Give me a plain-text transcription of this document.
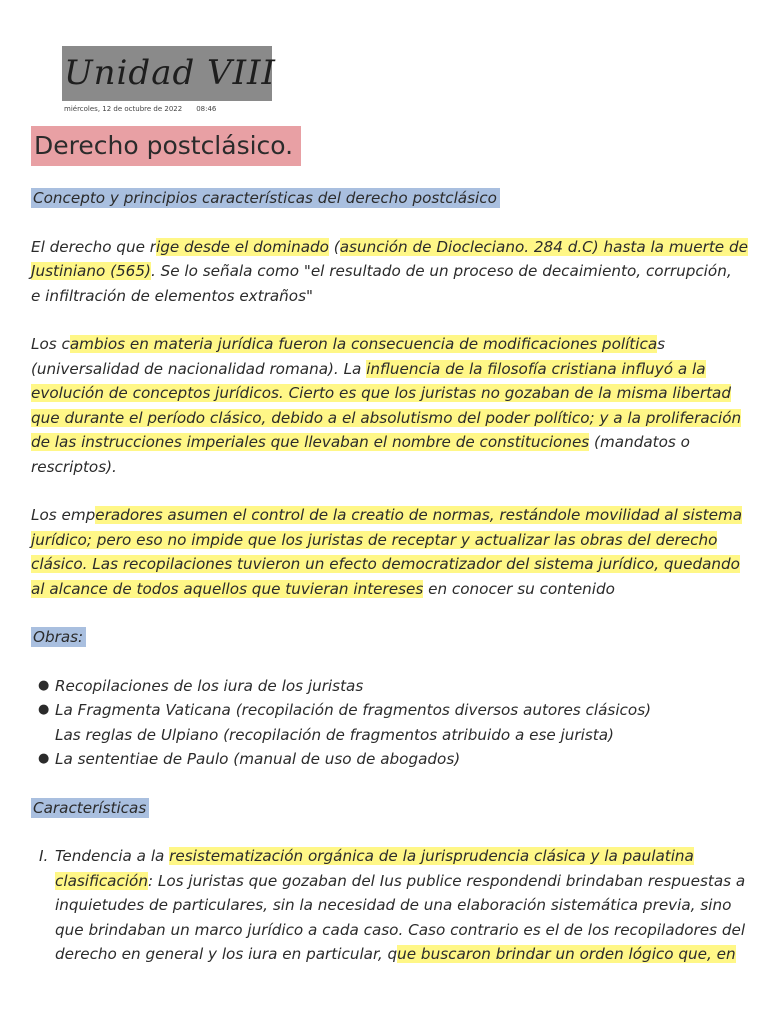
Unidad VIII
miércoles, 12 de octubre de 2022 08:46
Derecho postclásico.

Concepto y principios características del derecho postclásico

El derecho que rige desde el dominado (asunción de Diocleciano. 284 d.C) hasta la muerte de

Justiniano (565). Se lo señala como "el resultado de un proceso de decaimiento, corrupción,

e infiltración de elementos extraños"

Los cambios en materia jurídica fueron la consecuencia de modificaciones políticas

(universalidad de nacionalidad romana). La influencia de la filosofía cristiana influyó a la

evolución de conceptos jurídicos. Cierto es que los juristas no gozaban de la misma libertad

que durante el período clásico, debido a el absolutismo del poder político; y a la proliferación

de las instrucciones imperiales que llevaban el nombre de constituciones (mandatos o

rescriptos).

Los emperadores asumen el control de la creatio de normas, restándole movilidad al sistema

jurídico; pero eso no impide que los juristas de receptar y actualizar las obras del derecho

clásico. Las recopilaciones tuvieron un efecto democratizador del sistema jurídico, quedando

al alcance de todos aquellos que tuvieran intereses en conocer su contenido

Obras:

● Recopilaciones de los iura de los juristas
● La Fragmenta Vaticana (recopilación de fragmentos diversos autores clásicos)
Las reglas de Ulpiano (recopilación de fragmentos atribuido a ese jurista)
● La sententiae de Paulo (manual de uso de abogados)

Características

I. Tendencia a la resistematización orgánica de la jurisprudencia clásica y la paulatina

clasificación: Los juristas que gozaban del Ius publice respondendi brindaban respuestas a

inquietudes de particulares, sin la necesidad de una elaboración sistemática previa, sino

que brindaban un marco jurídico a cada caso. Caso contrario es el de los recopiladores del

derecho en general y los iura en particular, que buscaron brindar un orden lógico que, en
